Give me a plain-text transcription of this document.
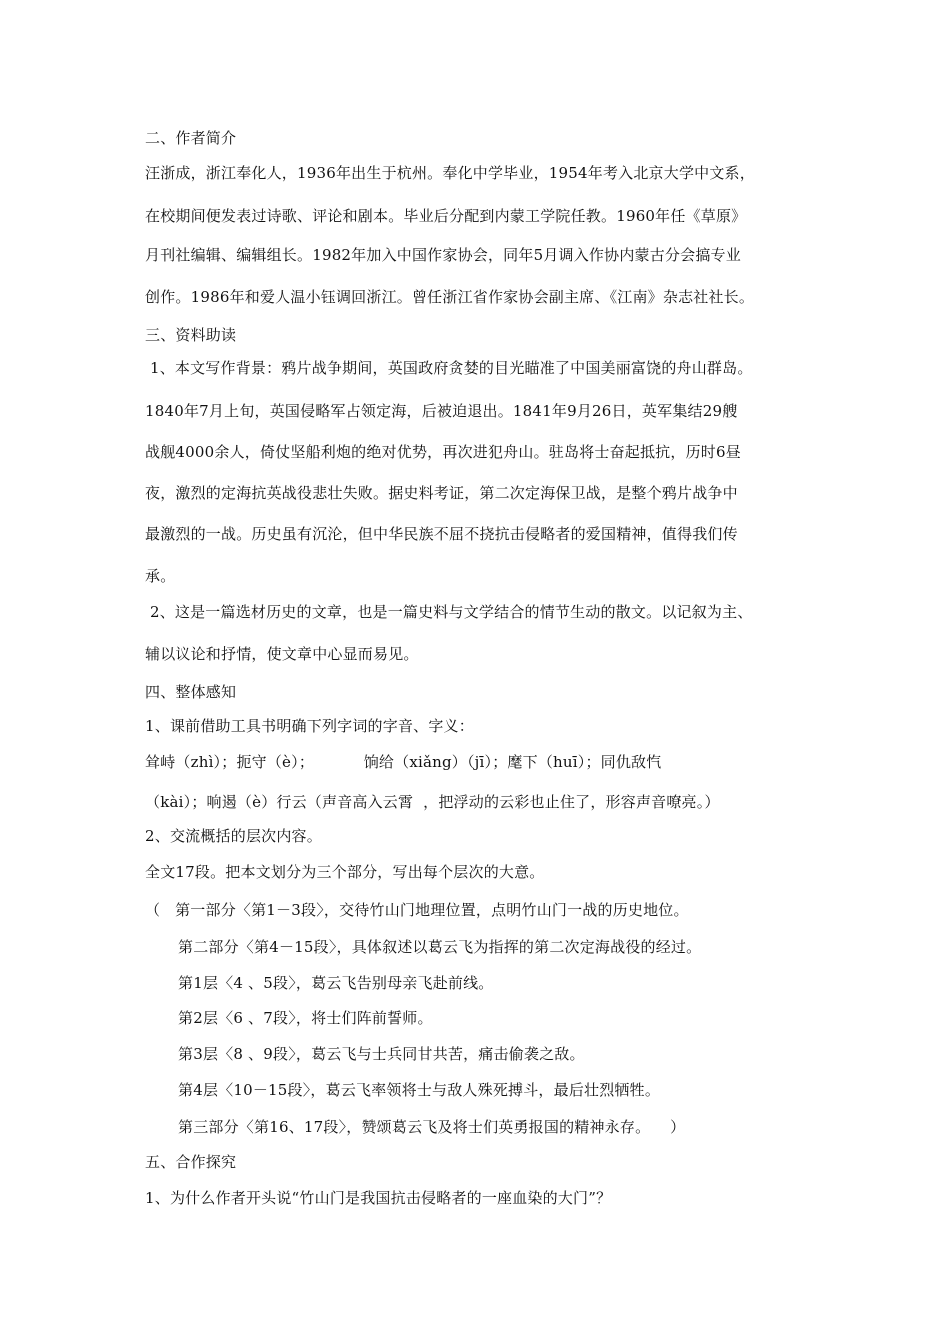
二、作者简介
汪浙成，浙江奉化人，1936年出生于杭州。奉化中学毕业，1954年考入北京大学中文系，
在校期间便发表过诗歌、评论和剧本。毕业后分配到内蒙工学院任教。1960年任《草原》
月刊社编辑、编辑组长。1982年加入中国作家协会，同年5月调入作协内蒙古分会搞专业
创作。1986年和爱人温小钰调回浙江。曾任浙江省作家协会副主席、《江南》杂志社社长。
三、资料助读
1、本文写作背景：鸦片战争期间，英国政府贪婪的目光瞄准了中国美丽富饶的舟山群岛。
1840年7月上旬，英国侵略军占领定海，后被迫退出。1841年9月26日，英军集结29艘
战舰4000余人，倚仗坚船利炮的绝对优势，再次进犯舟山。驻岛将士奋起抵抗，历时6昼
夜，激烈的定海抗英战役悲壮失败。据史料考证，第二次定海保卫战，是整个鸦片战争中
最激烈的一战。历史虽有沉沦，但中华民族不屈不挠抗击侵略者的爱国精神，值得我们传
承。
2、这是一篇选材历史的文章，也是一篇史料与文学结合的情节生动的散文。以记叙为主、
辅以议论和抒情，使文章中心显而易见。
四、整体感知
1、课前借助工具书明确下列字词的字音、字义：
耸峙（zhì）；扼守（è）；          饷给（xiǎng）（jī）；麾下（huī）；同仇敌忾
（kài）；响遏（è）行云（声音高入云霄  ，把浮动的云彩也止住了，形容声音嘹亮。）
2、交流概括的层次内容。
全文17段。把本文划分为三个部分，写出每个层次的大意。
（   第一部分〈第1－3段〉，交待竹山门地理位置，点明竹山门一战的历史地位。
第二部分〈第4－15段〉，具体叙述以葛云飞为指挥的第二次定海战役的经过。
第1层〈4 、5段〉，葛云飞告别母亲飞赴前线。
第2层〈6 、7段〉，将士们阵前誓师。
第3层〈8 、9段〉，葛云飞与士兵同甘共苦，痛击偷袭之敌。
第4层〈10－15段〉，葛云飞率领将士与敌人殊死搏斗，最后壮烈牺牲。
第三部分〈第16、17段〉，赞颂葛云飞及将士们英勇报国的精神永存。    ）
五、合作探究
1、为什么作者开头说“竹山门是我国抗击侵略者的一座血染的大门”？
